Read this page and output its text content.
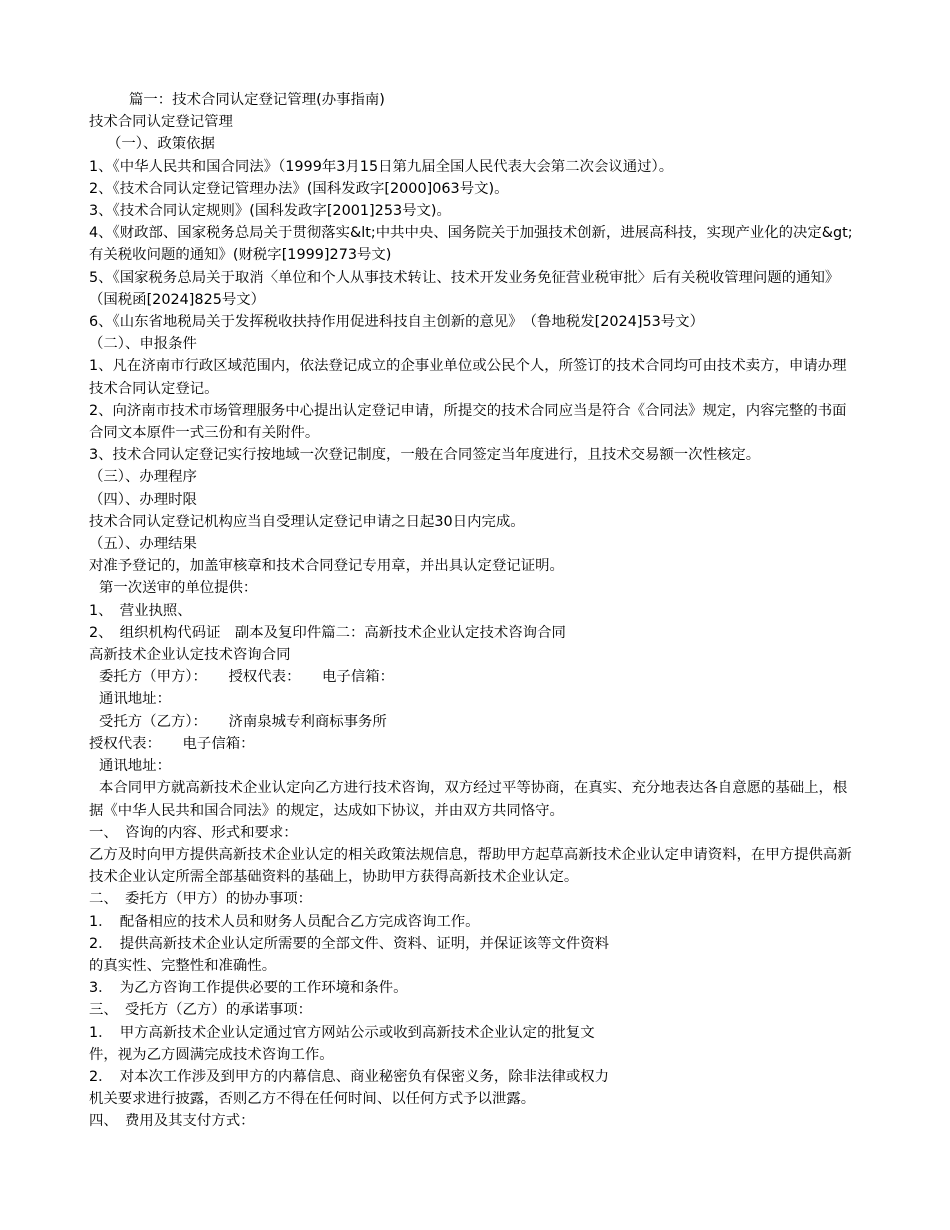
篇一：技术合同认定登记管理(办事指南)

技术合同认定登记管理

（一）、政策依据

1、《中华人民共和国合同法》（1999年3月15日第九届全国人民代表大会第二次会议通过）。

2、《技术合同认定登记管理办法》(国科发政字[2000]063号文)。

3、《技术合同认定规则》(国科发政字[2001]253号文)。

4、《财政部、国家税务总局关于贯彻落实&lt;中共中央、国务院关于加强技术创新，进展高科技，实现产业化的决定&gt;有关税收问题的通知》(财税字[1999]273号文)

5、《国家税务总局关于取消〈单位和个人从事技术转让、技术开发业务免征营业税审批〉后有关税收管理问题的通知》（国税函[2024]825号文）

6、《山东省地税局关于发挥税收扶持作用促进科技自主创新的意见》　（鲁地税发[2024]53号文）

（二）、申报条件

1、凡在济南市行政区域范围内，依法登记成立的企事业单位或公民个人，所签订的技术合同均可由技术卖方，申请办理技术合同认定登记。

2、向济南市技术市场管理服务中心提出认定登记申请，所提交的技术合同应当是符合《合同法》规定，内容完整的书面合同文本原件一式三份和有关附件。

3、技术合同认定登记实行按地域一次登记制度，一般在合同签定当年度进行，且技术交易额一次性核定。

（三）、办理程序

（四）、办理时限

技术合同认定登记机构应当自受理认定登记申请之日起30日内完成。

（五）、办理结果

对准予登记的，加盖审核章和技术合同登记专用章，并出具认定登记证明。

第一次送审的单位提供：

1、　营业执照、

2、　组织机构代码证　副本及复印件篇二：高新技术企业认定技术咨询合同

高新技术企业认定技术咨询合同

委托方（甲方）：　　授权代表：　　电子信箱：

通讯地址：

受托方（乙方）：　　济南泉城专利商标事务所

授权代表：　　电子信箱：

通讯地址：

本合同甲方就高新技术企业认定向乙方进行技术咨询，双方经过平等协商，在真实、充分地表达各自意愿的基础上，根据《中华人民共和国合同法》的规定，达成如下协议，并由双方共同恪守。

一、　咨询的内容、形式和要求：

乙方及时向甲方提供高新技术企业认定的相关政策法规信息，帮助甲方起草高新技术企业认定申请资料，在甲方提供高新技术企业认定所需全部基础资料的基础上，协助甲方获得高新技术企业认定。

二、　委托方（甲方）的协办事项：

1．　配备相应的技术人员和财务人员配合乙方完成咨询工作。

2．　提供高新技术企业认定所需要的全部文件、资料、证明，并保证该等文件资料

的真实性、完整性和准确性。

3．　为乙方咨询工作提供必要的工作环境和条件。

三、　受托方（乙方）的承诺事项：

1．　甲方高新技术企业认定通过官方网站公示或收到高新技术企业认定的批复文

件，视为乙方圆满完成技术咨询工作。

2．　对本次工作涉及到甲方的内幕信息、商业秘密负有保密义务，除非法律或权力

机关要求进行披露，否则乙方不得在任何时间、以任何方式予以泄露。

四、　费用及其支付方式：
